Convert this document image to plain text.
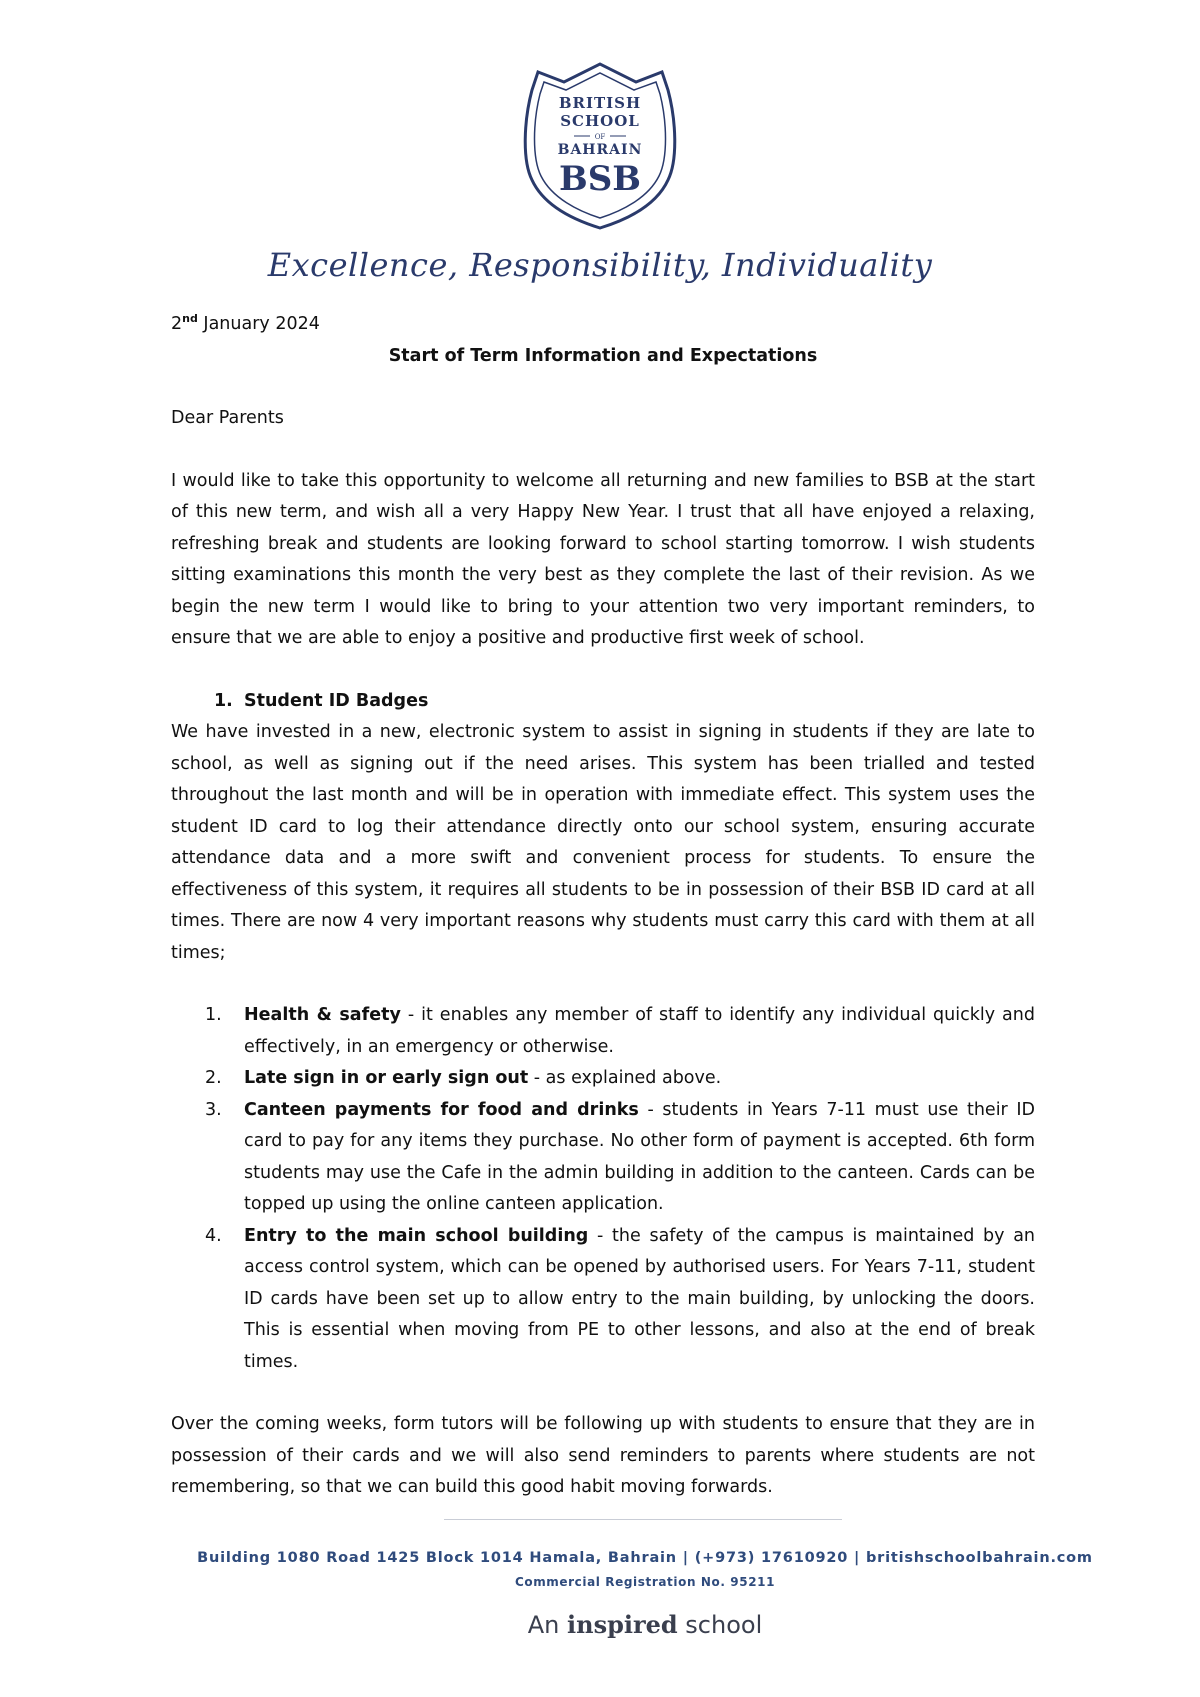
BRITISH
SCHOOL
OF
BAHRAIN
BSB
Excellence, Responsibility, Individuality

2nd January 2024

Start of Term Information and Expectations

Dear Parents

I would like to take this opportunity to welcome all returning and new families to BSB at the start of this new term, and wish all a very Happy New Year. I trust that all have enjoyed a relaxing, refreshing break and students are looking forward to school starting tomorrow. I wish students sitting examinations this month the very best as they complete the last of their revision. As we begin the new term I would like to bring to your attention two very important reminders, to ensure that we are able to enjoy a positive and productive first week of school.

1. Student ID Badges

We have invested in a new, electronic system to assist in signing in students if they are late to school, as well as signing out if the need arises. This system has been trialled and tested throughout the last month and will be in operation with immediate effect. This system uses the student ID card to log their attendance directly onto our school system, ensuring accurate attendance data and a more swift and convenient process for students. To ensure the effectiveness of this system, it requires all students to be in possession of their BSB ID card at all times. There are now 4 very important reasons why students must carry this card with them at all times;

1. Health & safety - it enables any member of staff to identify any individual quickly and effectively, in an emergency or otherwise.
2. Late sign in or early sign out - as explained above.
3. Canteen payments for food and drinks - students in Years 7-11 must use their ID card to pay for any items they purchase. No other form of payment is accepted. 6th form students may use the Cafe in the admin building in addition to the canteen. Cards can be topped up using the online canteen application.
4. Entry to the main school building - the safety of the campus is maintained by an access control system, which can be opened by authorised users. For Years 7-11, student ID cards have been set up to allow entry to the main building, by unlocking the doors. This is essential when moving from PE to other lessons, and also at the end of break times.

Over the coming weeks, form tutors will be following up with students to ensure that they are in possession of their cards and we will also send reminders to parents where students are not remembering, so that we can build this good habit moving forwards.

Building 1080 Road 1425 Block 1014 Hamala, Bahrain | (+973) 17610920 | britishschoolbahrain.com
Commercial Registration No. 95211
An inspired school
